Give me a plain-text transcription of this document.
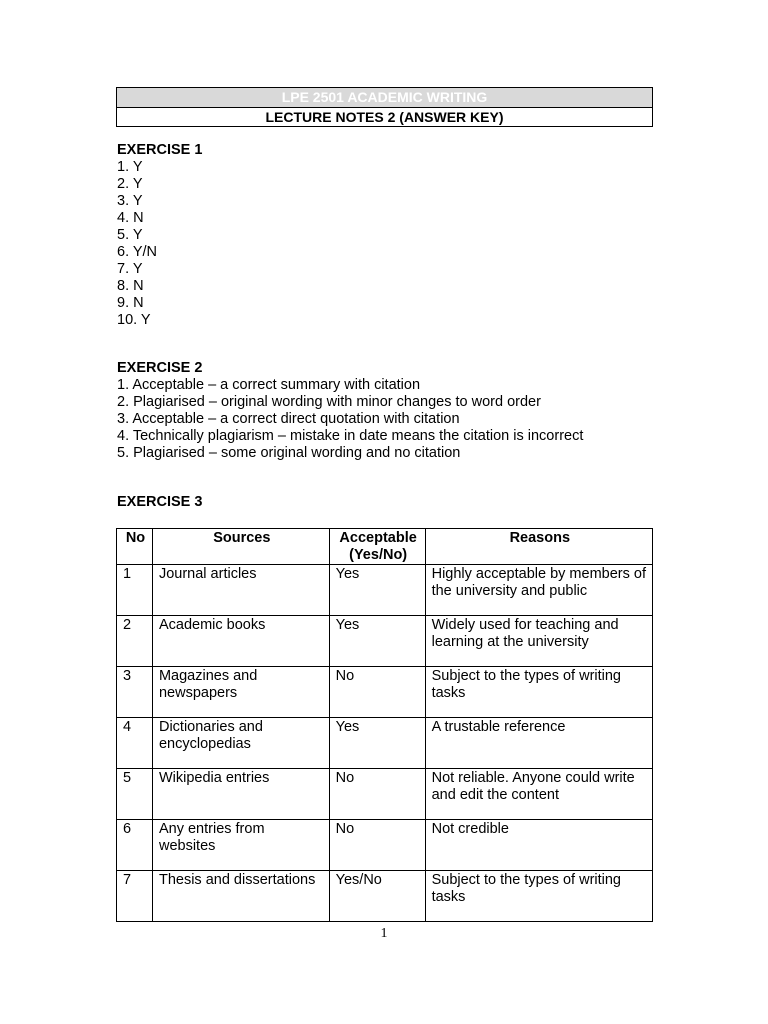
LPE 2501 ACADEMIC WRITING
LECTURE NOTES 2 (ANSWER KEY)
EXERCISE 1
1. Y
2. Y
3. Y
4. N
5. Y
6. Y/N
7. Y
8. N
9. N
10. Y
EXERCISE 2
1. Acceptable – a correct summary with citation
2. Plagiarised – original wording with minor changes to word order
3. Acceptable – a correct direct quotation with citation
4. Technically plagiarism – mistake in date means the citation is incorrect
5. Plagiarised – some original wording and no citation
EXERCISE 3
No	Sources	Acceptable (Yes/No)	Reasons
1	Journal articles	Yes	Highly acceptable by members of the university and public
2	Academic books	Yes	Widely used for teaching and learning at the university
3	Magazines and newspapers	No	Subject to the types of writing tasks
4	Dictionaries and encyclopedias	Yes	A trustable reference
5	Wikipedia entries	No	Not reliable. Anyone could write and edit the content
6	Any entries from websites	No	Not credible
7	Thesis and dissertations	Yes/No	Subject to the types of writing tasks
1
